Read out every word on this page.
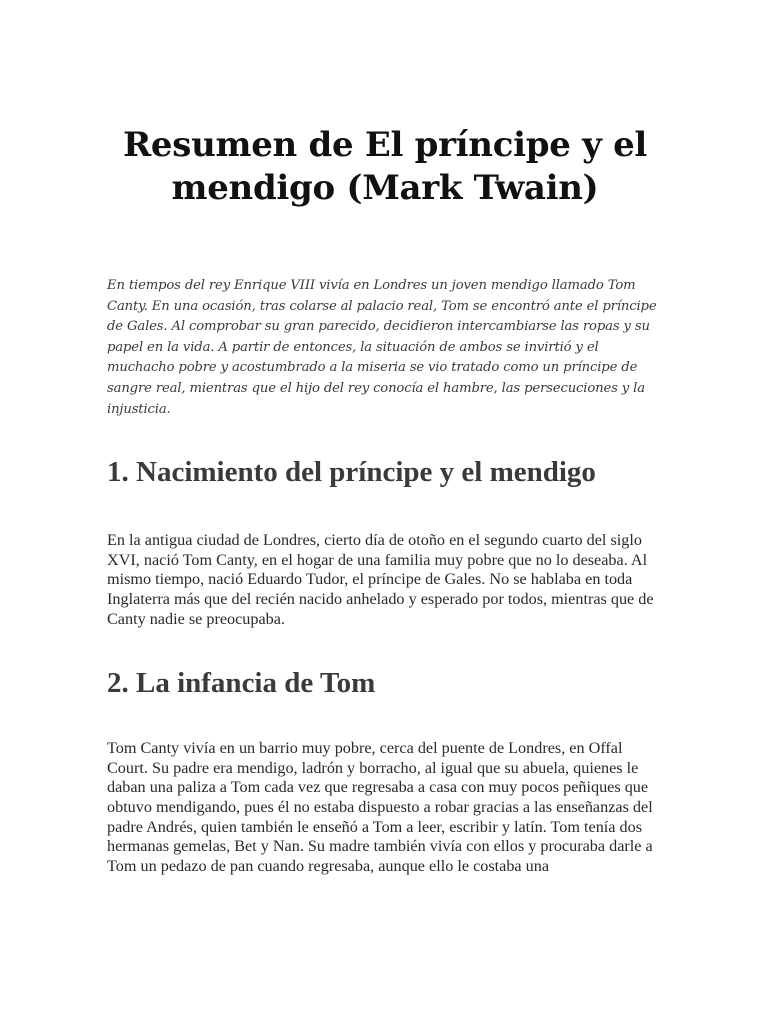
Resumen de El príncipe y el mendigo (Mark Twain)

En tiempos del rey Enrique VIII vivía en Londres un joven mendigo llamado Tom Canty. En una ocasión, tras colarse al palacio real, Tom se encontró ante el príncipe de Gales. Al comprobar su gran parecido, decidieron intercambiarse las ropas y su papel en la vida. A partir de entonces, la situación de ambos se invirtió y el muchacho pobre y acostumbrado a la miseria se vio tratado como un príncipe de sangre real, mientras que el hijo del rey conocía el hambre, las persecuciones y la injusticia.

1. Nacimiento del príncipe y el mendigo

En la antigua ciudad de Londres, cierto día de otoño en el segundo cuarto del siglo XVI, nació Tom Canty, en el hogar de una familia muy pobre que no lo deseaba. Al mismo tiempo, nació Eduardo Tudor, el príncipe de Gales. No se hablaba en toda Inglaterra más que del recién nacido anhelado y esperado por todos, mientras que de Canty nadie se preocupaba.

2. La infancia de Tom

Tom Canty vivía en un barrio muy pobre, cerca del puente de Londres, en Offal Court. Su padre era mendigo, ladrón y borracho, al igual que su abuela, quienes le daban una paliza a Tom cada vez que regresaba a casa con muy pocos peñiques que obtuvo mendigando, pues él no estaba dispuesto a robar gracias a las enseñanzas del padre Andrés, quien también le enseñó a Tom a leer, escribir y latín. Tom tenía dos hermanas gemelas, Bet y Nan. Su madre también vivía con ellos y procuraba darle a Tom un pedazo de pan cuando regresaba, aunque ello le costaba una
